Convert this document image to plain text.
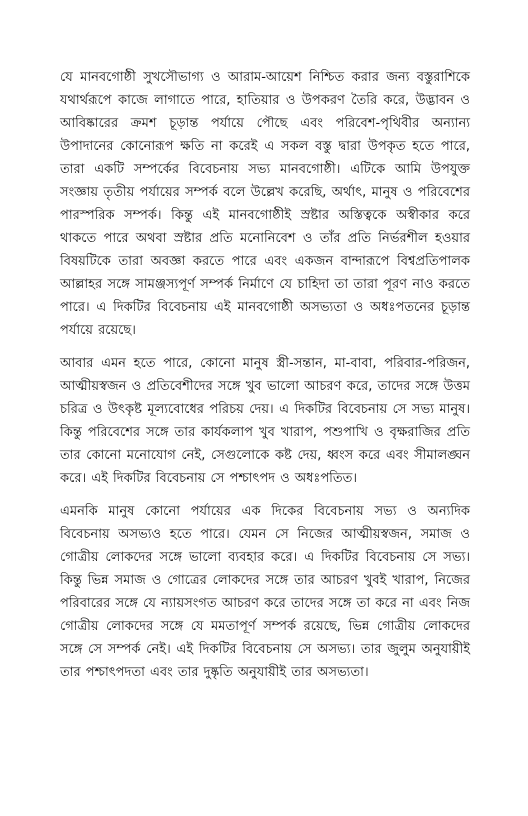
যে মানবগোষ্ঠী সুখসৌভাগ্য ও আরাম-আয়েশ নিশ্চিত করার জন্য বস্তুরাশিকে যথার্থরূপে কাজে লাগাতে পারে, হাতিয়ার ও উপকরণ তৈরি করে, উদ্ভাবন ও আবিষ্কারের ক্রমশ চূড়ান্ত পর্যায়ে পৌছে এবং পরিবেশ-পৃথিবীর অন্যান্য উপাদানের কোনোরূপ ক্ষতি না করেই এ সকল বস্তু দ্বারা উপকৃত হতে পারে, তারা একটি সম্পর্কের বিবেচনায় সভ্য মানবগোষ্ঠী। এটিকে আমি উপযুক্ত সংজ্ঞায় তৃতীয় পর্যায়ের সম্পর্ক বলে উল্লেখ করেছি, অর্থাৎ, মানুষ ও পরিবেশের পারস্পরিক সম্পর্ক। কিন্তু এই মানবগোষ্ঠীই স্রষ্টার অস্তিত্বকে অস্বীকার করে থাকতে পারে অথবা স্রষ্টার প্রতি মনোনিবেশ ও তাঁর প্রতি নির্ভরশীল হওয়ার বিষয়টিকে তারা অবজ্ঞা করতে পারে এবং একজন বান্দারূপে বিশ্বপ্রতিপালক আল্লাহর সঙ্গে সামঞ্জস্যপূর্ণ সম্পর্ক নির্মাণে যে চাহিদা তা তারা পূরণ নাও করতে পারে। এ দিকটির বিবেচনায় এই মানবগোষ্ঠী অসভ্যতা ও অধঃপতনের চূড়ান্ত পর্যায়ে রয়েছে।

আবার এমন হতে পারে, কোনো মানুষ স্ত্রী-সন্তান, মা-বাবা, পরিবার-পরিজন, আত্মীয়স্বজন ও প্রতিবেশীদের সঙ্গে খুব ভালো আচরণ করে, তাদের সঙ্গে উত্তম চরিত্র ও উৎকৃষ্ট মূল্যবোধের পরিচয় দেয়। এ দিকটির বিবেচনায় সে সভ্য মানুষ। কিন্তু পরিবেশের সঙ্গে তার কার্যকলাপ খুব খারাপ, পশুপাখি ও বৃক্ষরাজির প্রতি তার কোনো মনোযোগ নেই, সেগুলোকে কষ্ট দেয়, ধ্বংস করে এবং সীমালঙ্ঘন করে। এই দিকটির বিবেচনায় সে পশ্চাৎপদ ও অধঃপতিত।

এমনকি মানুষ কোনো পর্যায়ের এক দিকের বিবেচনায় সভ্য ও অন্যদিক বিবেচনায় অসভ্যও হতে পারে। যেমন সে নিজের আত্মীয়স্বজন, সমাজ ও গোত্রীয় লোকদের সঙ্গে ভালো ব্যবহার করে। এ দিকটির বিবেচনায় সে সভ্য। কিন্তু ভিন্ন সমাজ ও গোত্রের লোকদের সঙ্গে তার আচরণ খুবই খারাপ, নিজের পরিবারের সঙ্গে যে ন্যায়সংগত আচরণ করে তাদের সঙ্গে তা করে না এবং নিজ গোত্রীয় লোকদের সঙ্গে যে মমতাপূর্ণ সম্পর্ক রয়েছে, ভিন্ন গোত্রীয় লোকদের সঙ্গে সে সম্পর্ক নেই। এই দিকটির বিবেচনায় সে অসভ্য। তার জুলুম অনুযায়ীই তার পশ্চাৎপদতা এবং তার দুষ্কৃতি অনুযায়ীই তার অসভ্যতা।
